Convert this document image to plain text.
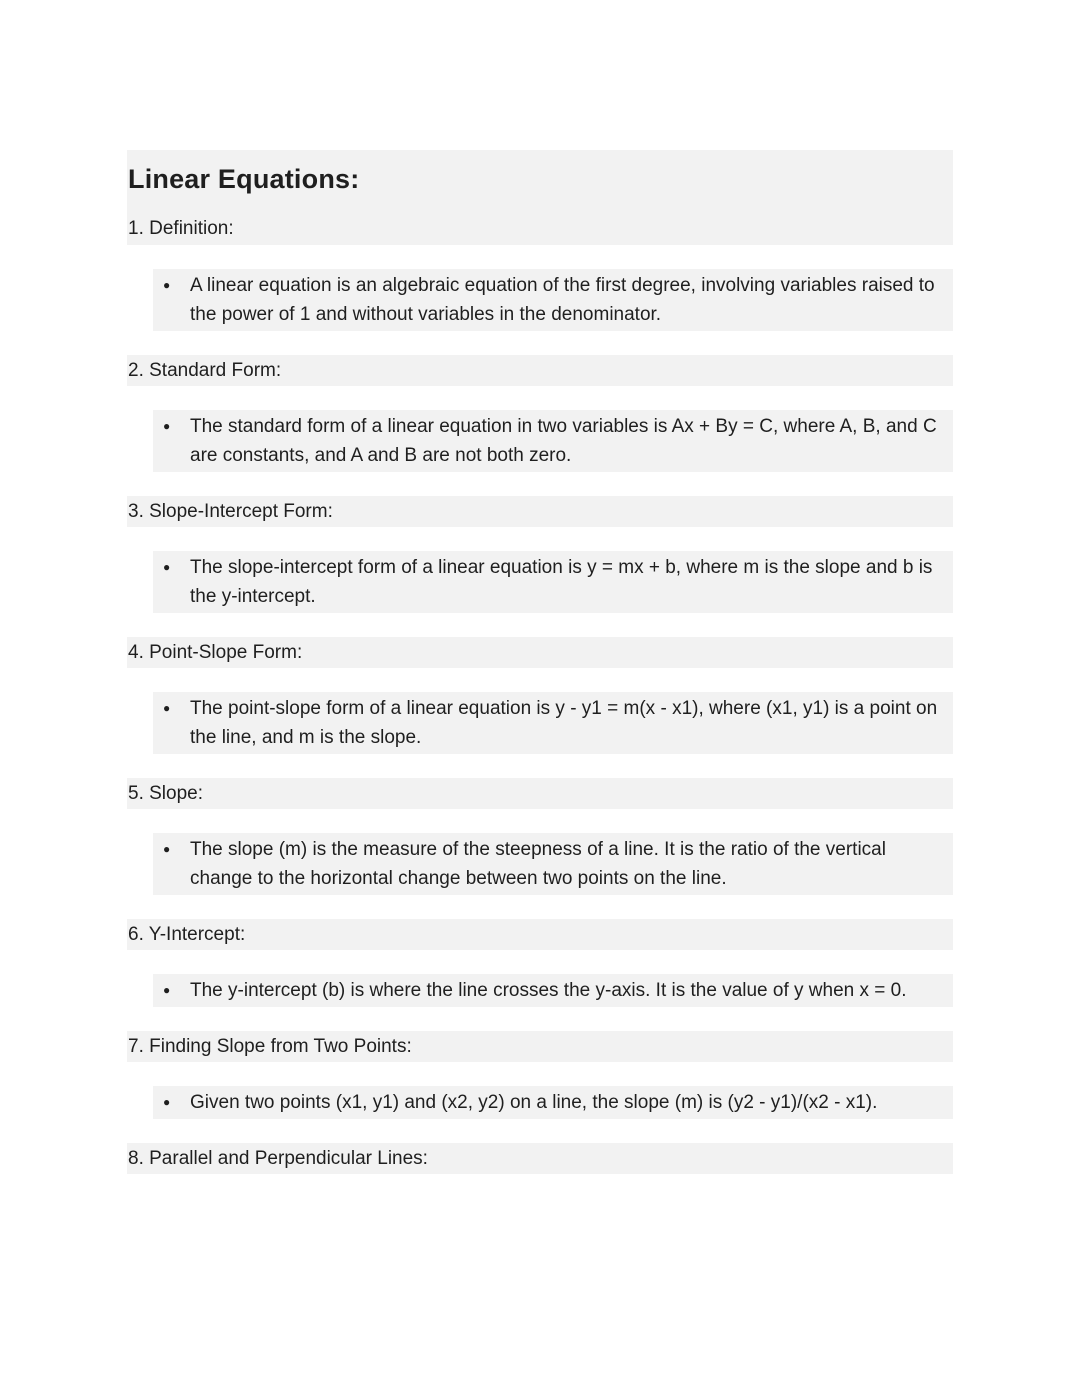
Linear Equations:
1. Definition:
● A linear equation is an algebraic equation of the first degree, involving variables raised to the power of 1 and without variables in the denominator.
2. Standard Form:
● The standard form of a linear equation in two variables is Ax + By = C, where A, B, and C are constants, and A and B are not both zero.
3. Slope-Intercept Form:
● The slope-intercept form of a linear equation is y = mx + b, where m is the slope and b is the y-intercept.
4. Point-Slope Form:
● The point-slope form of a linear equation is y - y1 = m(x - x1), where (x1, y1) is a point on the line, and m is the slope.
5. Slope:
● The slope (m) is the measure of the steepness of a line. It is the ratio of the vertical change to the horizontal change between two points on the line.
6. Y-Intercept:
● The y-intercept (b) is where the line crosses the y-axis. It is the value of y when x = 0.
7. Finding Slope from Two Points:
● Given two points (x1, y1) and (x2, y2) on a line, the slope (m) is (y2 - y1)/(x2 - x1).
8. Parallel and Perpendicular Lines:
